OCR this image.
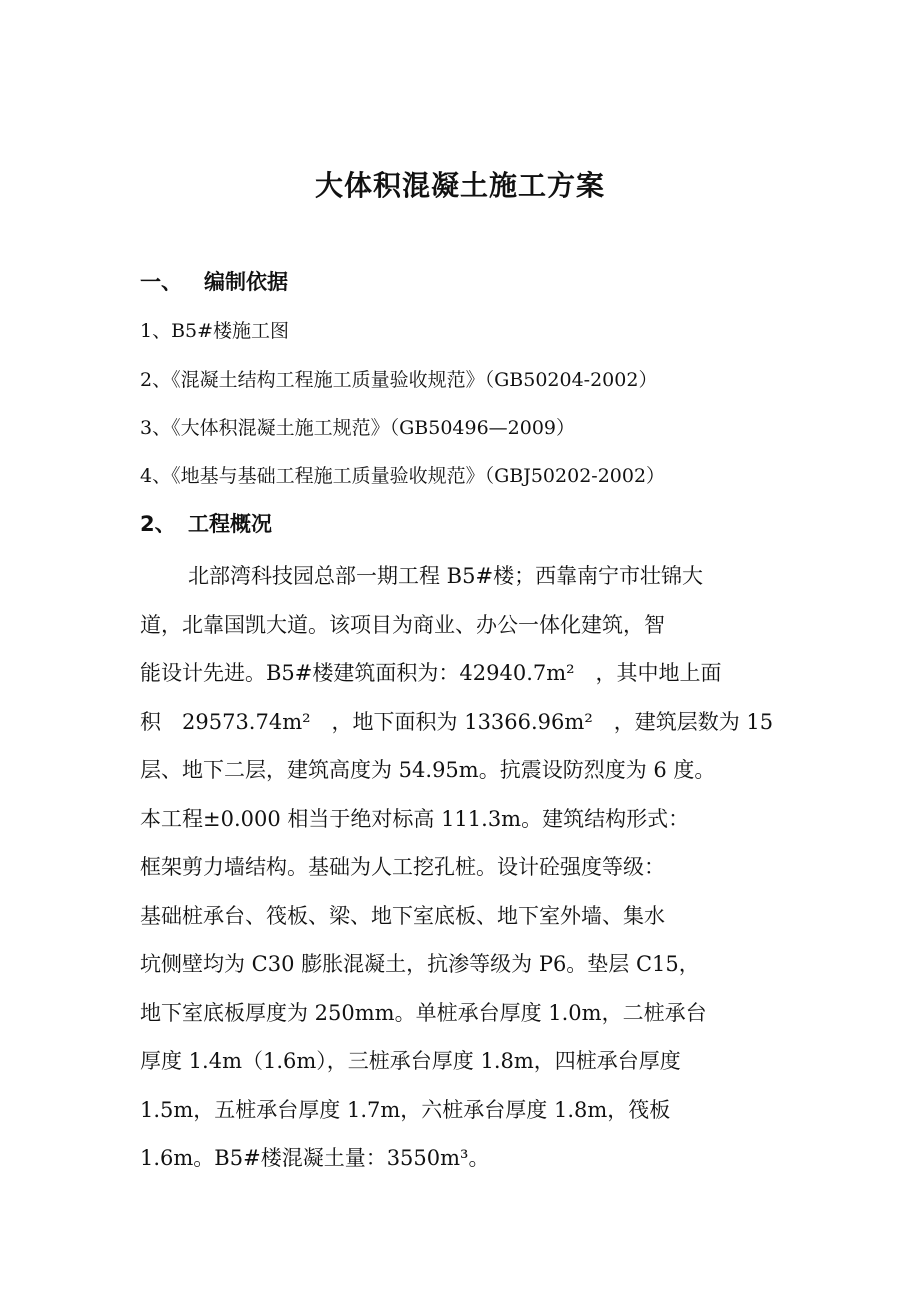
大体积混凝土施工方案
一、 编制依据
1、B5#楼施工图
2、《混凝土结构工程施工质量验收规范》（GB50204-2002）
3、《大体积混凝土施工规范》（GB50496—2009）
4、《地基与基础工程施工质量验收规范》（GBJ50202-2002）
2、 工程概况
北部湾科技园总部一期工程 B5#楼；西靠南宁市壮锦大
道，北靠国凯大道。该项目为商业、办公一体化建筑，智
能设计先进。B5#楼建筑面积为：42940.7m²　，其中地上面
积　29573.74m²　，地下面积为 13366.96m²　，建筑层数为 15
层、地下二层，建筑高度为 54.95m。抗震设防烈度为 6 度。
本工程±0.000 相当于绝对标高 111.3m。建筑结构形式：
框架剪力墙结构。基础为人工挖孔桩。设计砼强度等级：
基础桩承台、筏板、梁、地下室底板、地下室外墙、集水
坑侧壁均为 C30 膨胀混凝土，抗渗等级为 P6。垫层 C15，
地下室底板厚度为 250mm。单桩承台厚度 1.0m，二桩承台
厚度 1.4m（1.6m），三桩承台厚度 1.8m，四桩承台厚度
1.5m，五桩承台厚度 1.7m，六桩承台厚度 1.8m，筏板
1.6m。B5#楼混凝土量：3550m³。
